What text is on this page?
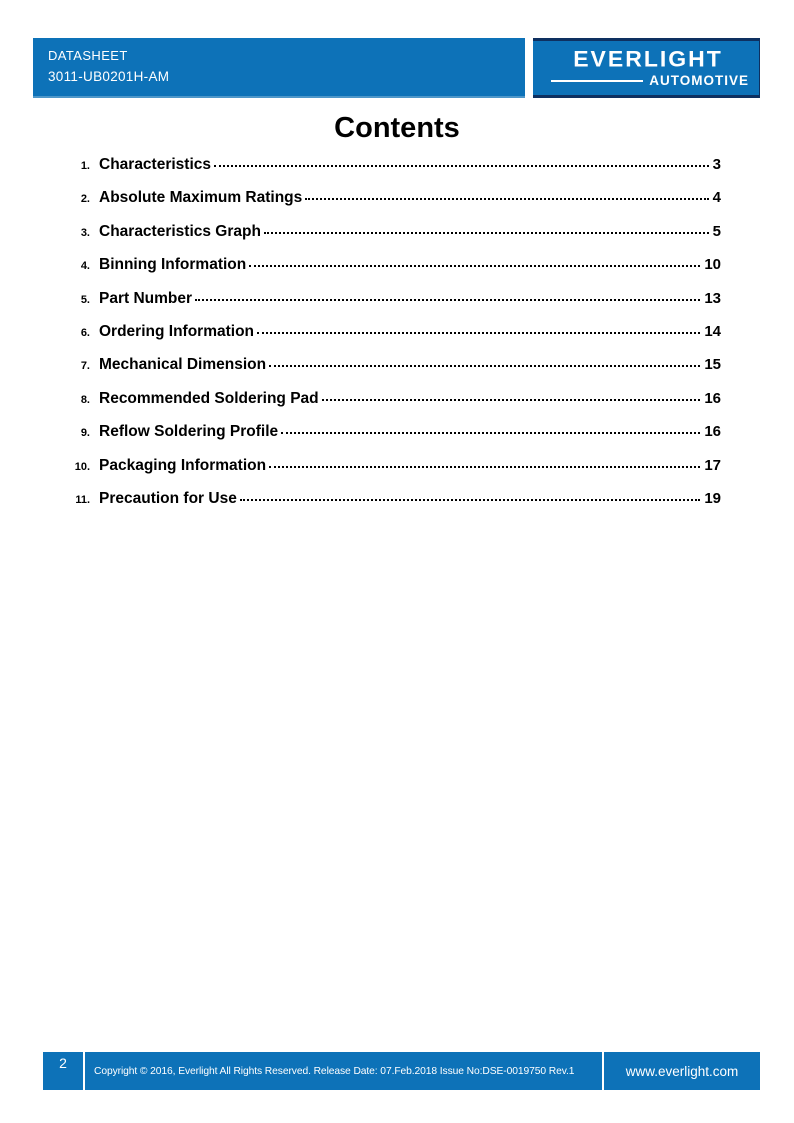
DATASHEET
3011-UB0201H-AM
EVERLIGHT
AUTOMOTIVE
Contents
1. Characteristics	3
2. Absolute Maximum Ratings	4
3. Characteristics Graph	5
4. Binning Information	10
5. Part Number	13
6. Ordering Information	14
7. Mechanical Dimension	15
8. Recommended Soldering Pad	16
9. Reflow Soldering Profile	16
10. Packaging Information	17
11. Precaution for Use	19
2	Copyright © 2016, Everlight All Rights Reserved. Release Date: 07.Feb.2018 Issue No:DSE-0019750 Rev.1	www.everlight.com
